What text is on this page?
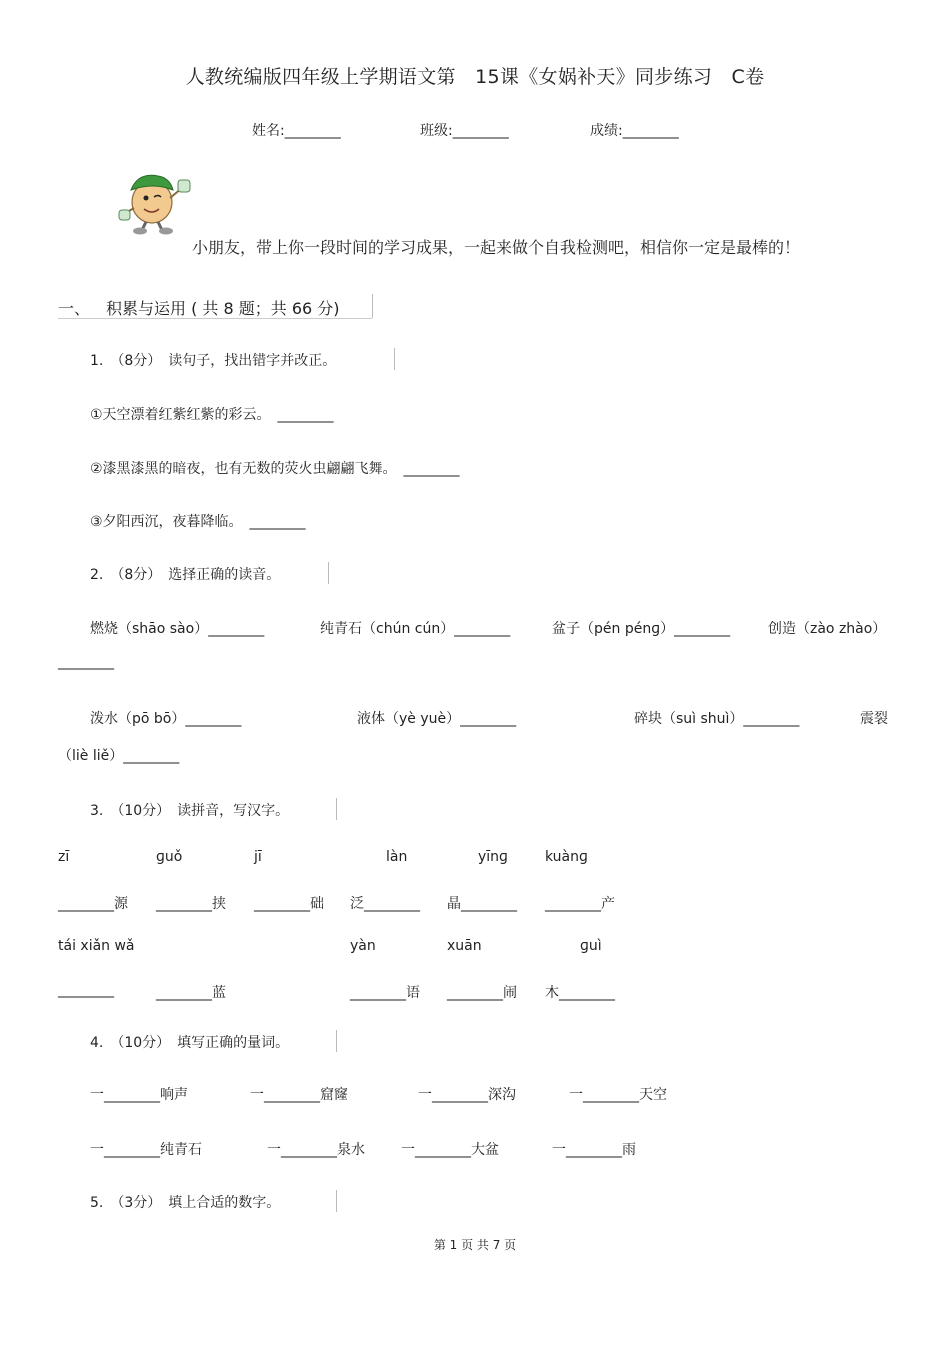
人教统编版四年级上学期语文第　15课《女娲补天》同步练习　C卷
姓名:________	班级:________	成绩:________
小朋友，带上你一段时间的学习成果，一起来做个自我检测吧，相信你一定是最棒的！
一、 积累与运用 ( 共 8 题；共 66 分)
1.　（8分）　读句子，找出错字并改正。
①天空漂着红紫红紫的彩云。　________
②漆黑漆黑的暗夜，也有无数的荧火虫翩翩飞舞。　________
③夕阳西沉，夜暮降临。　________
2.　（8分）　选择正确的读音。
燃烧（shāo sào）________	纯青石（chún cún）________	盆子（pén pénɡ）________	创造（zào zhào）
________
泼水（pō bō）________	液体（yè yuè）________	碎块（suì shuì）________	震裂
（liè liě）________
3.　（10分）　读拼音，写汉字。
zī	ɡuǒ	jī	làn	yīnɡ	kuànɡ
________源 ________挟 ________础 泛________ 晶________ ________产
tái xiǎn wǎ	yàn	xuān	ɡuì
________	________蓝	________语 ________闹 木________
4.　（10分）　填写正确的量词。
一________响声	一________窟窿	一________深沟	一________天空
一________纯青石	一________泉水	一________大盆	一________雨
5.　（3分）　填上合适的数字。
第 1 页 共 7 页
